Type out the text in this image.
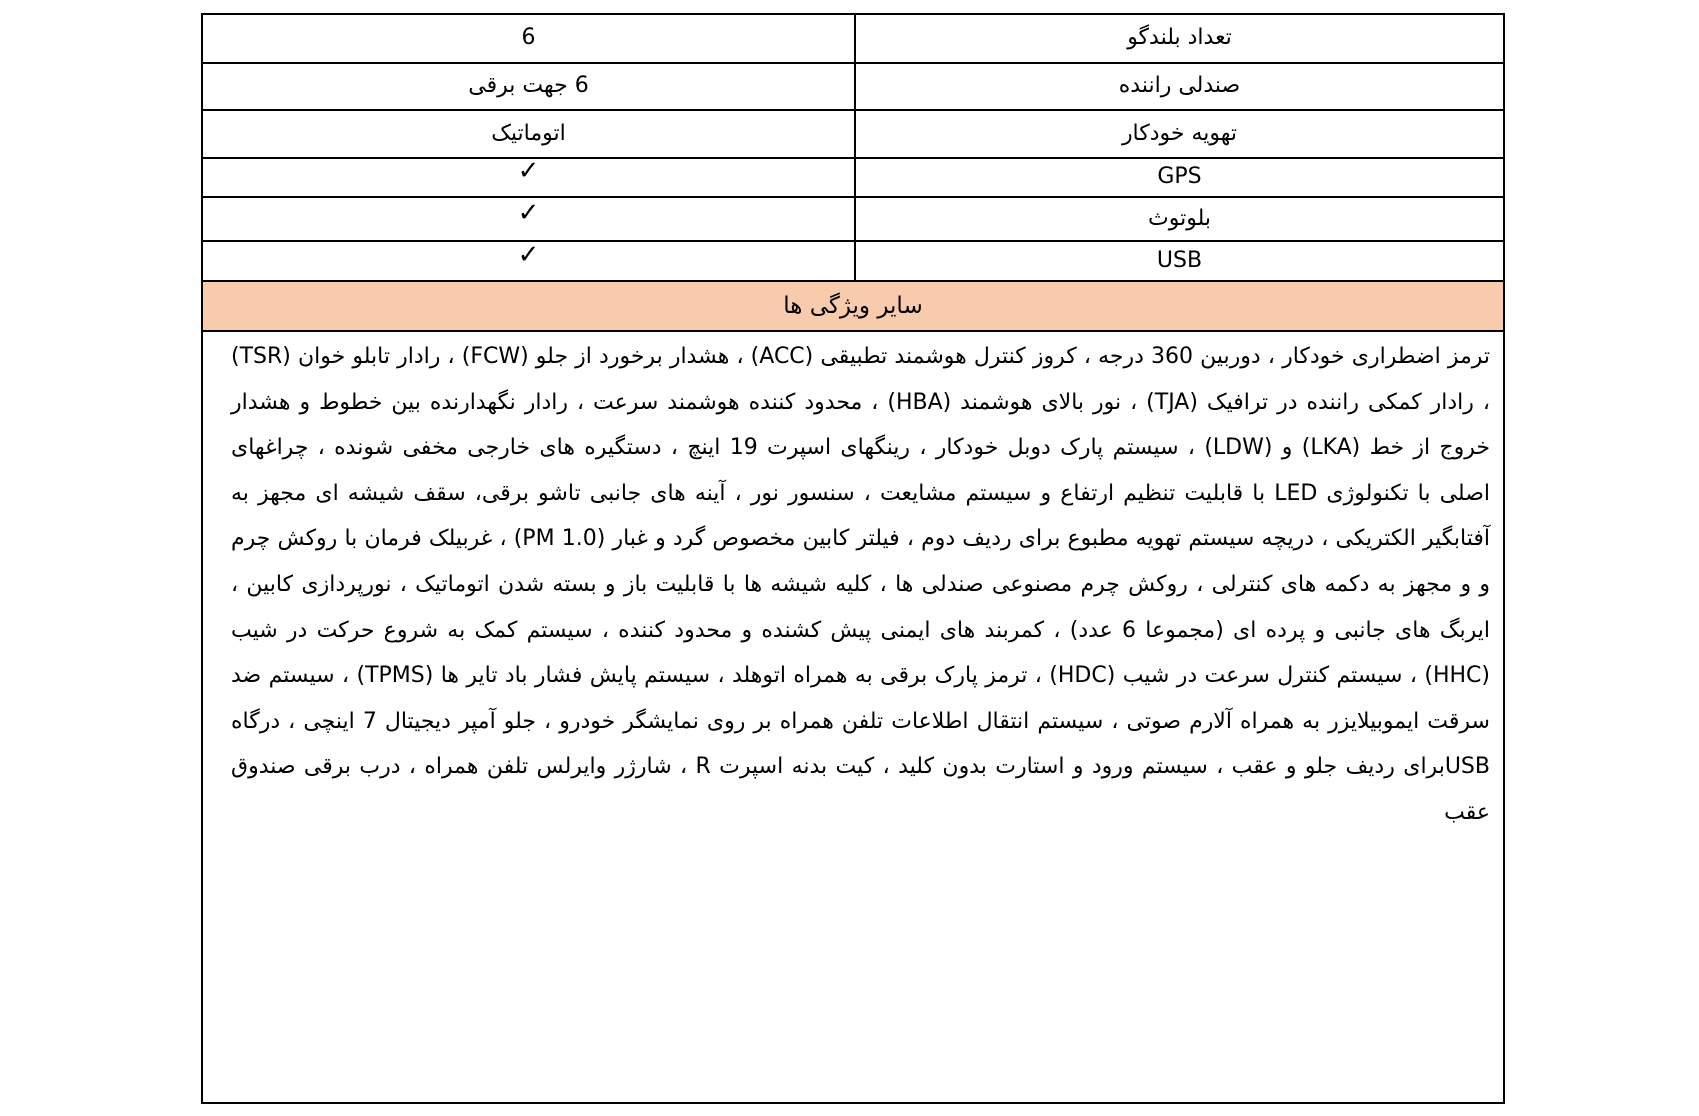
6	تعداد بلندگو
6 جهت برقی	صندلی راننده
اتوماتیک	تهویه خودکار
✓	GPS
✓	بلوتوث
✓	USB
سایر ویژگی ها
ترمز اضطراری خودکار ، دوربین 360 درجه ، کروز کنترل هوشمند تطبیقی (ACC) ، هشدار برخورد از جلو (FCW) ، رادار تابلو خوان (TSR) ، رادار کمکی راننده در ترافیک (TJA) ، نور بالای هوشمند (HBA) ، محدود کننده هوشمند سرعت ، رادار نگهدارنده بین خطوط و هشدار خروج از خط (LKA) و (LDW) ، سیستم پارک دوبل خودکار ، رینگهای اسپرت 19 اینچ ، دستگیره های خارجی مخفی شونده ، چراغهای اصلی با تکنولوژی LED با قابلیت تنظیم ارتفاع و سیستم مشایعت ، سنسور نور ، آینه های جانبی تاشو برقی، سقف شیشه ای مجهز به آفتابگیر الکتریکی ، دریچه سیستم تهویه مطبوع برای ردیف دوم ، فیلتر کابین مخصوص گرد و غبار (PM 1.0) ، غربیلک فرمان با روکش چرم و و مجهز به دکمه های کنترلی ، روکش چرم مصنوعی صندلی ها ، کلیه شیشه ها با قابلیت باز و بسته شدن اتوماتیک ، نورپردازی کابین ، ایربگ های جانبی و پرده ای (مجموعا 6 عدد) ، کمربند های ایمنی پیش کشنده و محدود کننده ، سیستم کمک به شروع حرکت در شیب (HHC) ، سیستم کنترل سرعت در شیب (HDC) ، ترمز پارک برقی به همراه اتوهلد ، سیستم پایش فشار باد تایر ها (TPMS) ، سیستم ضد سرقت ایموبیلایزر به همراه آلارم صوتی ، سیستم انتقال اطلاعات تلفن همراه بر روی نمایشگر خودرو ، جلو آمپر دیجیتال 7 اینچی ، درگاه USBبرای ردیف جلو و عقب ، سیستم ورود و استارت بدون کلید ، کیت بدنه اسپرت R ، شارژر وایرلس تلفن همراه ، درب برقی صندوق عقب
